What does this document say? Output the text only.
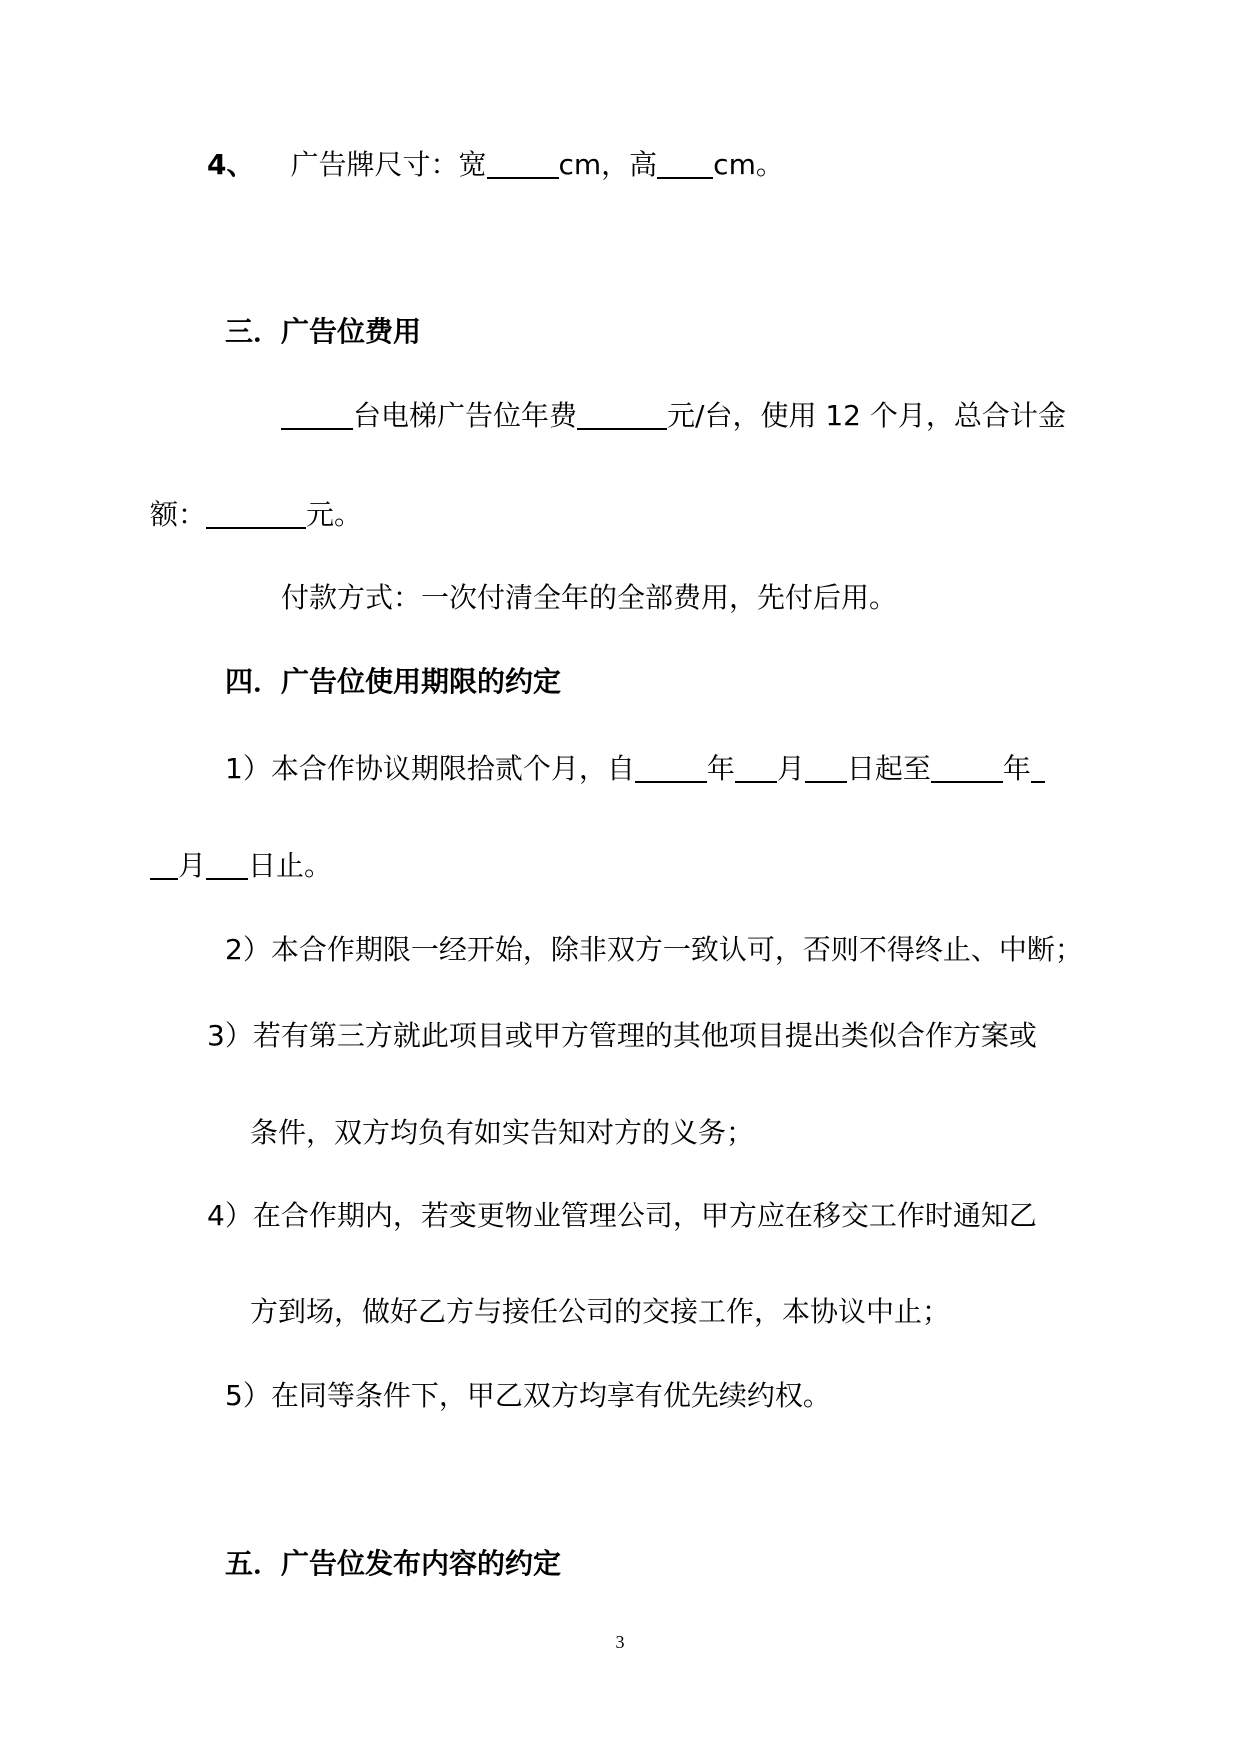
4、 广告牌尺寸：宽	cm，高 cm。
三．广告位费用
台电梯广告位年费	元/台，使用 12 个月，总合计金
额：	元。
付款方式：一次付清全年的全部费用，先付后用。
四．广告位使用期限的约定
1）本合作协议期限拾贰个月，自	年 月 日起至	年
月 日止。
2）本合作期限一经开始，除非双方一致认可，否则不得终止、中断；
3）若有第三方就此项目或甲方管理的其他项目提出类似合作方案或
条件，双方均负有如实告知对方的义务；
4）在合作期内，若变更物业管理公司，甲方应在移交工作时通知乙
方到场，做好乙方与接任公司的交接工作，本协议中止；
5）在同等条件下，甲乙双方均享有优先续约权。
五．广告位发布内容的约定
3
